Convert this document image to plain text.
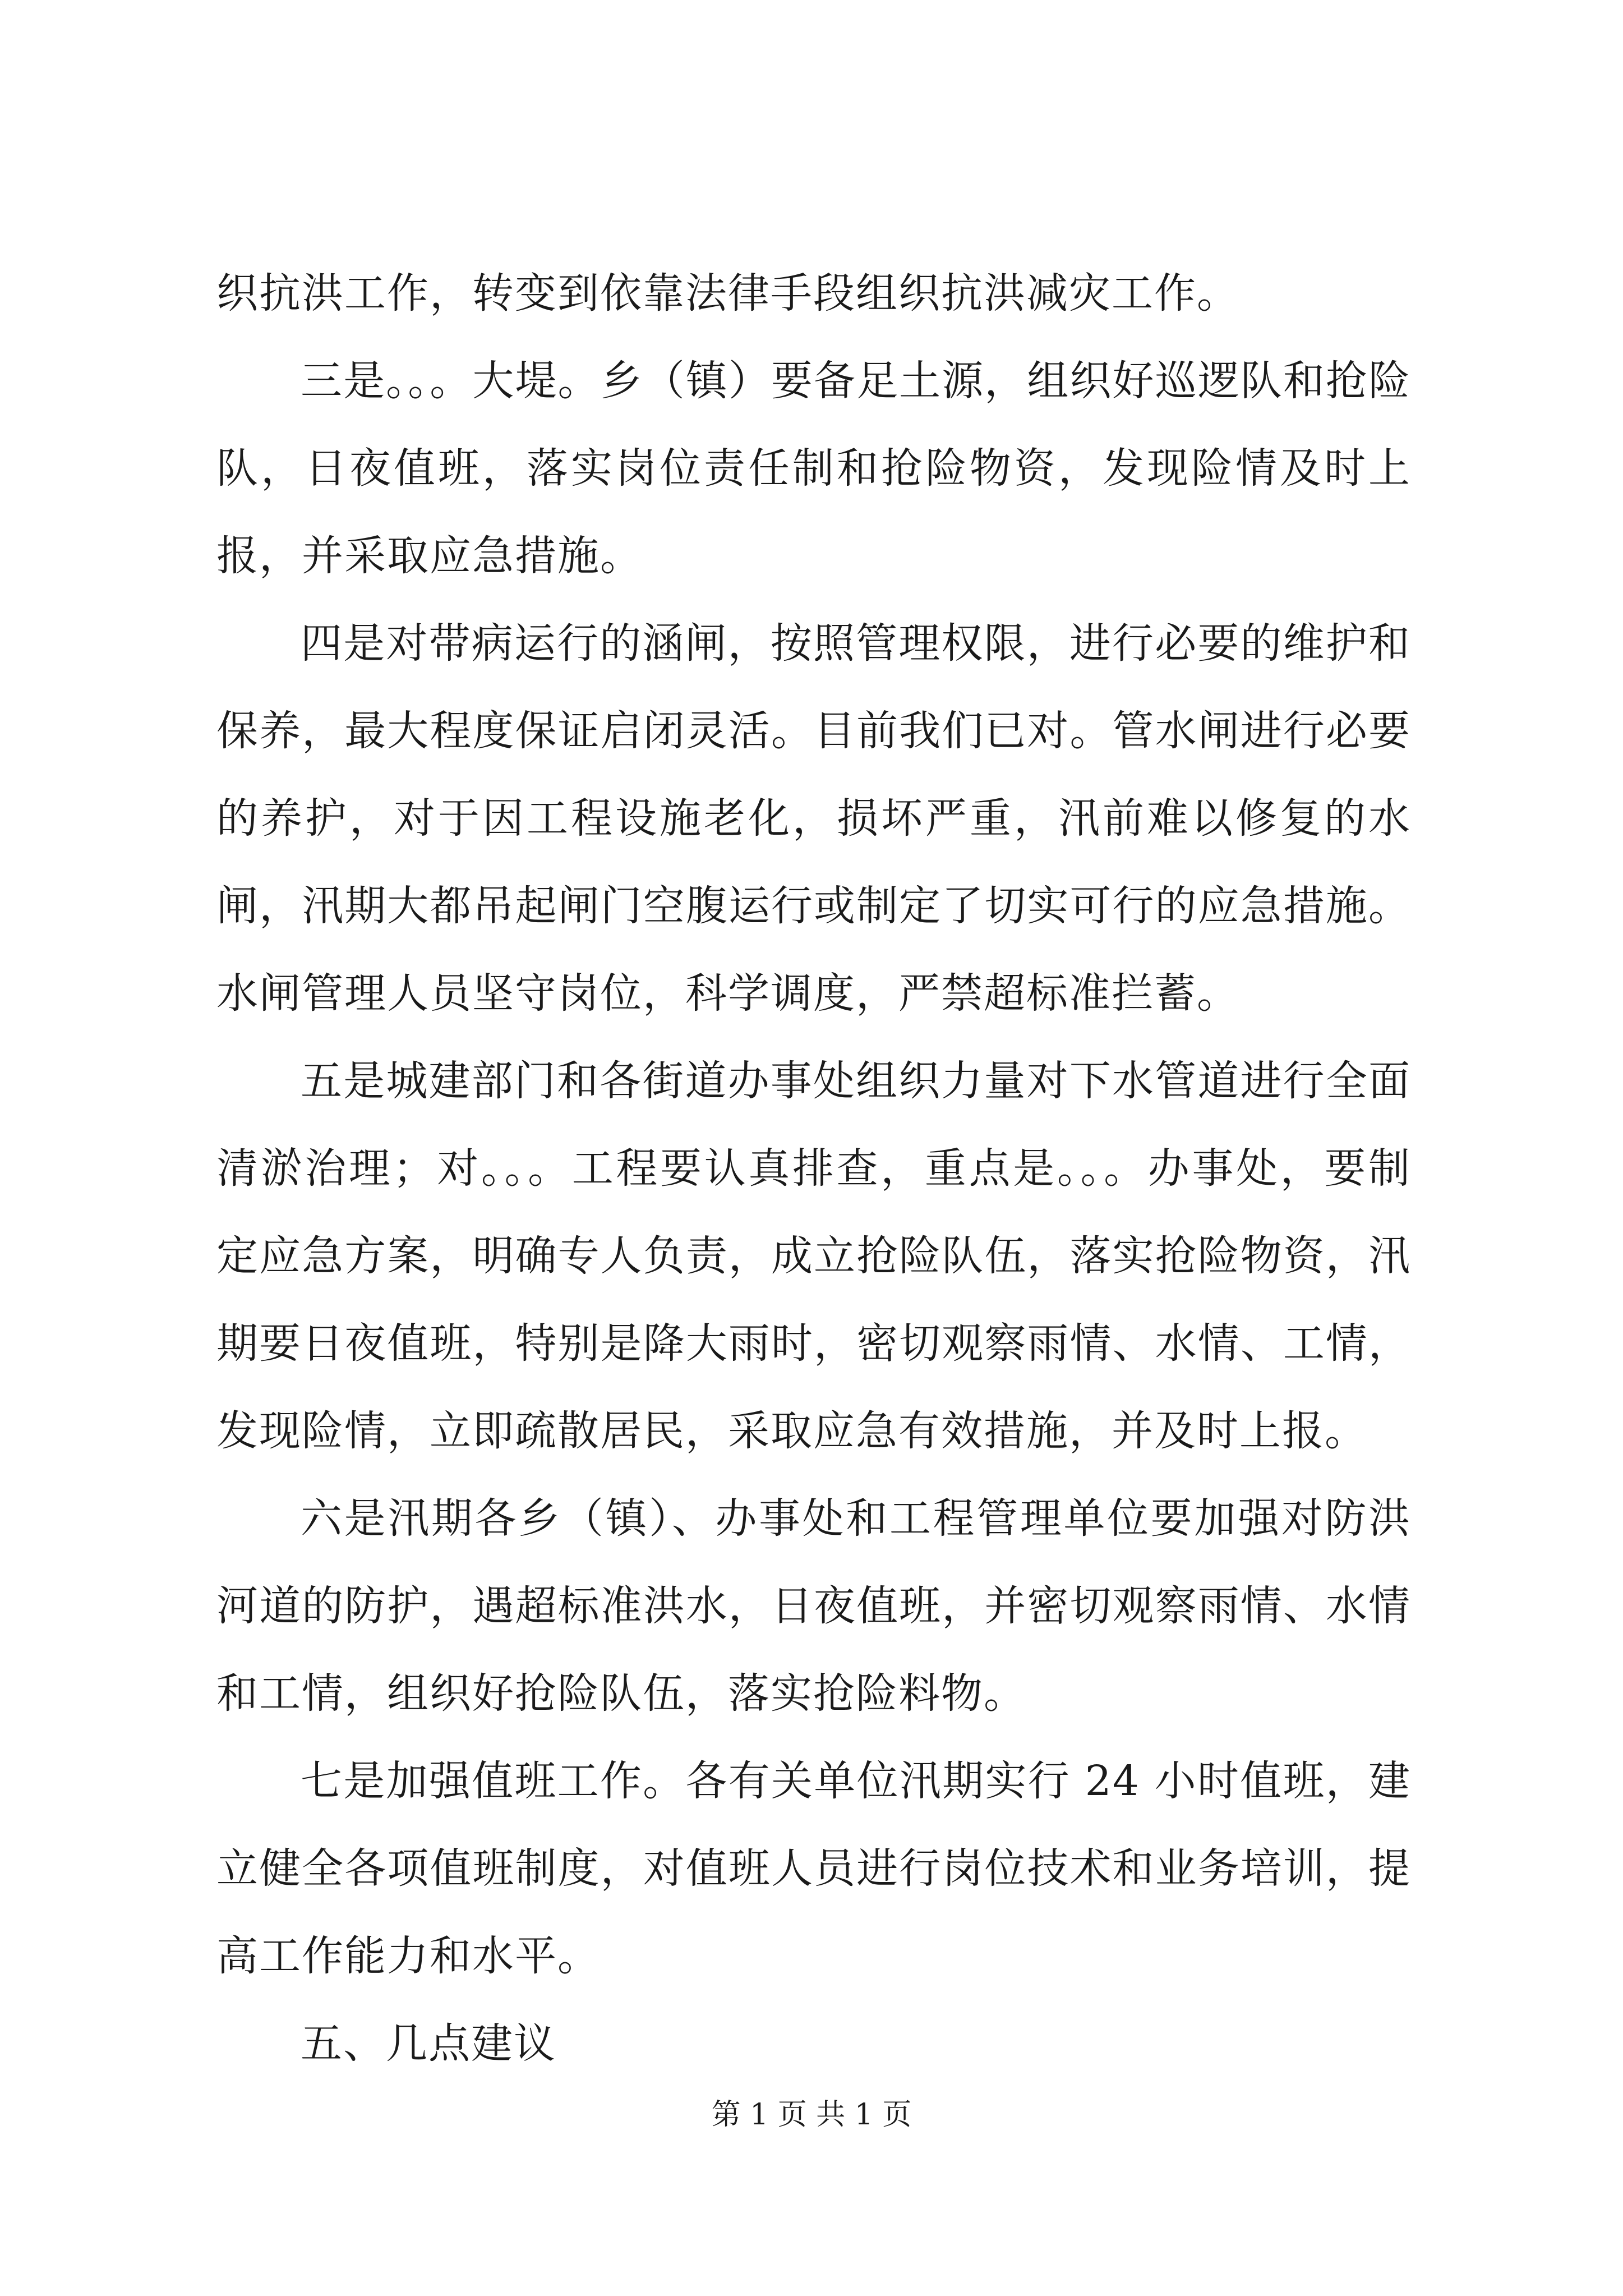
织抗洪工作，转变到依靠法律手段组织抗洪减灾工作。

三是。。。大堤。乡（镇）要备足土源，组织好巡逻队和抢险队，日夜值班，落实岗位责任制和抢险物资，发现险情及时上报，并采取应急措施。

四是对带病运行的涵闸，按照管理权限，进行必要的维护和保养，最大程度保证启闭灵活。目前我们已对。管水闸进行必要的养护，对于因工程设施老化，损坏严重，汛前难以修复的水闸，汛期大都吊起闸门空腹运行或制定了切实可行的应急措施。水闸管理人员坚守岗位，科学调度，严禁超标准拦蓄。

五是城建部门和各街道办事处组织力量对下水管道进行全面清淤治理；对。。。工程要认真排查，重点是。。。办事处，要制定应急方案，明确专人负责，成立抢险队伍，落实抢险物资，汛期要日夜值班，特别是降大雨时，密切观察雨情、水情、工情，发现险情，立即疏散居民，采取应急有效措施，并及时上报。

六是汛期各乡（镇）、办事处和工程管理单位要加强对防洪河道的防护，遇超标准洪水，日夜值班，并密切观察雨情、水情和工情，组织好抢险队伍，落实抢险料物。

七是加强值班工作。各有关单位汛期实行 24 小时值班，建立健全各项值班制度，对值班人员进行岗位技术和业务培训，提高工作能力和水平。

五、几点建议

第 1 页 共 1 页
